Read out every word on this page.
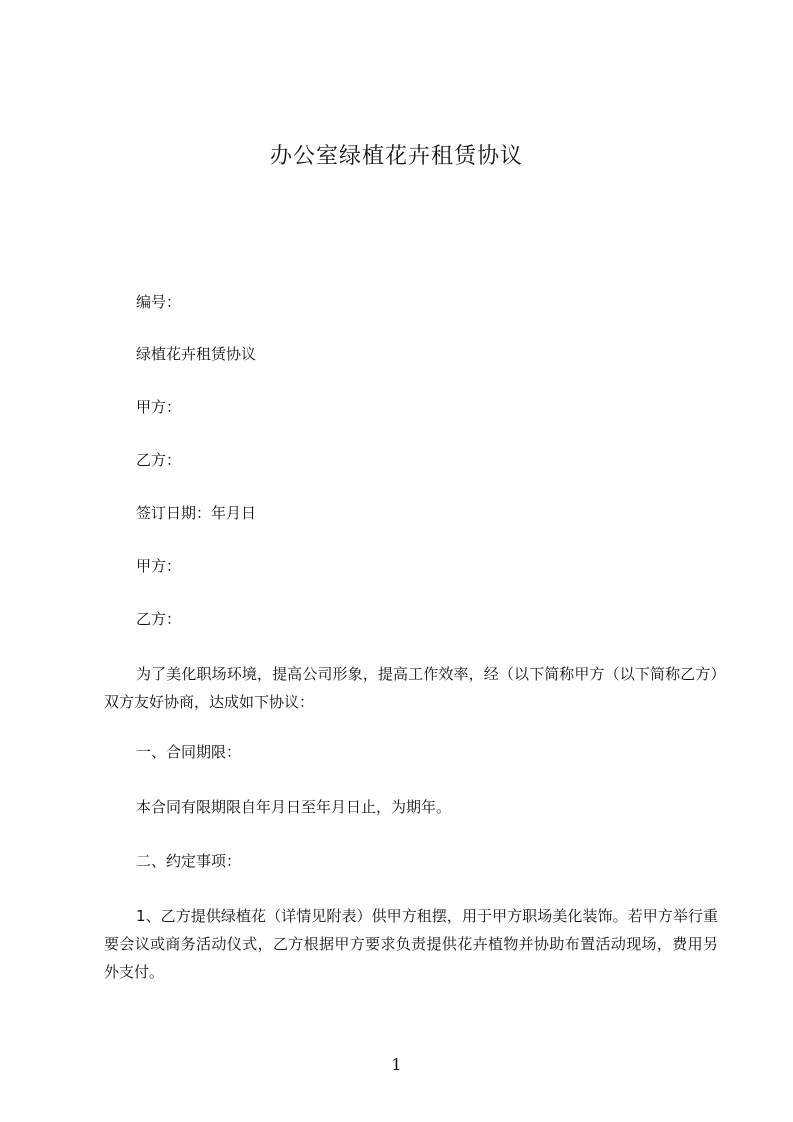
办公室绿植花卉租赁协议
编号：
绿植花卉租赁协议
甲方：
乙方：
签订日期：年月日
甲方：
乙方：
为了美化职场环境，提高公司形象，提高工作效率，经（以下简称甲方（以下简称乙方）双方友好协商，达成如下协议：
一、合同期限：
本合同有限期限自年月日至年月日止，为期年。
二、约定事项：
1、乙方提供绿植花（详情见附表）供甲方租摆，用于甲方职场美化装饰。若甲方举行重要会议或商务活动仪式，乙方根据甲方要求负责提供花卉植物并协助布置活动现场，费用另外支付。
1
